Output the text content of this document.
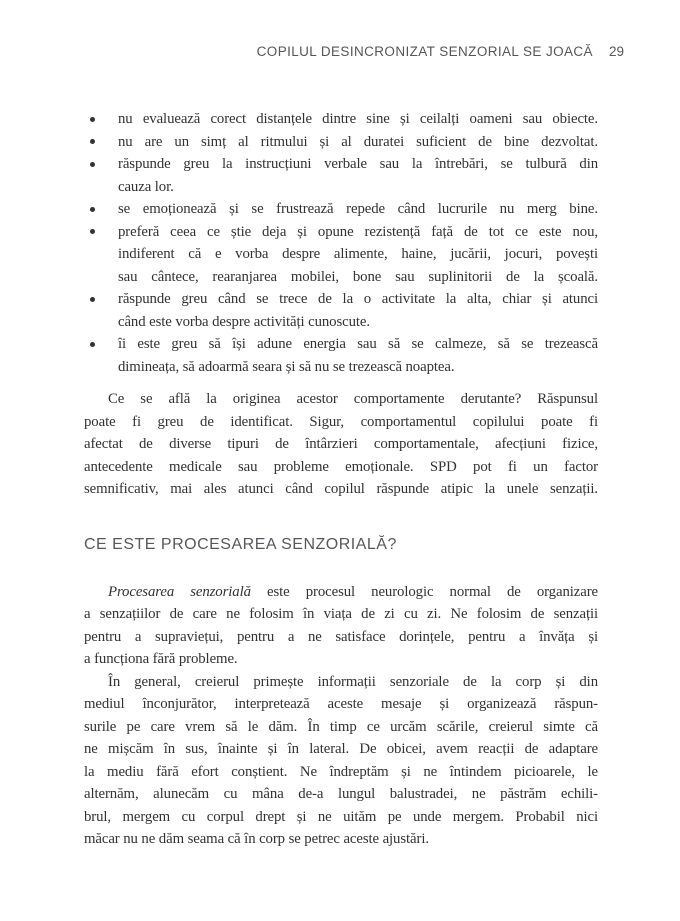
COPILUL DESINCRONIZAT SENZORIAL SE JOACĂ 29
nu evaluează corect distanțele dintre sine și ceilalți oameni sau obiecte.
nu are un simț al ritmului și al duratei suficient de bine dezvoltat.
răspunde greu la instrucțiuni verbale sau la întrebări, se tulbură din
cauza lor.
se emoționează și se frustrează repede când lucrurile nu merg bine.
preferă ceea ce știe deja și opune rezistență față de tot ce este nou,
indiferent că e vorba despre alimente, haine, jucării, jocuri, povești
sau cântece, rearanjarea mobilei, bone sau suplinitorii de la școală.
răspunde greu când se trece de la o activitate la alta, chiar și atunci
când este vorba despre activități cunoscute.
îi este greu să își adune energia sau să se calmeze, să se trezească
dimineața, să adoarmă seara și să nu se trezească noaptea.
Ce se află la originea acestor comportamente derutante? Răspunsul
poate fi greu de identificat. Sigur, comportamentul copilului poate fi
afectat de diverse tipuri de întârzieri comportamentale, afecțiuni fizice,
antecedente medicale sau probleme emoționale. SPD pot fi un factor
semnificativ, mai ales atunci când copilul răspunde atipic la unele senzații.
CE ESTE PROCESAREA SENZORIALĂ?
Procesarea senzorială este procesul neurologic normal de organizare
a senzațiilor de care ne folosim în viața de zi cu zi. Ne folosim de senzații
pentru a supraviețui, pentru a ne satisface dorințele, pentru a învăța și
a funcționa fără probleme.
În general, creierul primește informații senzoriale de la corp și din
mediul înconjurător, interpretează aceste mesaje și organizează răspun-
surile pe care vrem să le dăm. În timp ce urcăm scările, creierul simte că
ne mișcăm în sus, înainte și în lateral. De obicei, avem reacții de adaptare
la mediu fără efort conștient. Ne îndreptăm și ne întindem picioarele, le
alternăm, alunecăm cu mâna de-a lungul balustradei, ne păstrăm echili-
brul, mergem cu corpul drept și ne uităm pe unde mergem. Probabil nici
măcar nu ne dăm seama că în corp se petrec aceste ajustări.
